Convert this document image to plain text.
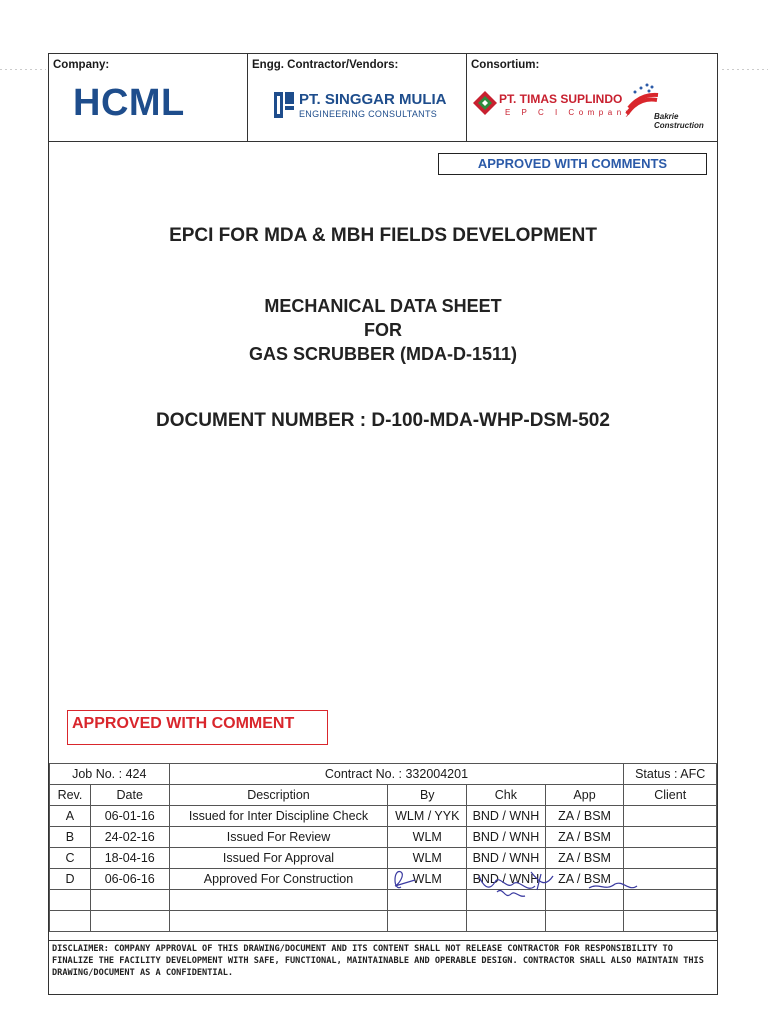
Company:
HCML
Engg. Contractor/Vendors:
PT. SINGGAR MULIA
ENGINEERING CONSULTANTS
Consortium:
PT. TIMAS SUPLINDO
E P C I Company Bakrie
Construction
APPROVED WITH COMMENTS
EPCI FOR MDA & MBH FIELDS DEVELOPMENT
MECHANICAL DATA SHEET
FOR
GAS SCRUBBER (MDA-D-1511)
DOCUMENT NUMBER : D-100-MDA-WHP-DSM-502
APPROVED WITH COMMENT
Job No. : 424		Contract No. : 332004201				Status : AFC
Rev.	Date	Description	By	Chk	App	Client
A	06-01-16	Issued for Inter Discipline Check	WLM / YYK	BND / WNH	ZA / BSM	
B	24-02-16	Issued For Review	WLM	BND / WNH	ZA / BSM	
C	18-04-16	Issued For Approval	WLM	BND / WNH	ZA / BSM	
D	06-06-16	Approved For Construction	WLM	BND / WNH	ZA / BSM	

DISCLAIMER: COMPANY APPROVAL OF THIS DRAWING/DOCUMENT AND ITS CONTENT SHALL NOT RELEASE CONTRACTOR FOR RESPONSIBILITY TO FINALIZE THE FACILITY DEVELOPMENT WITH SAFE, FUNCTIONAL, MAINTAINABLE AND OPERABLE DESIGN. CONTRACTOR SHALL ALSO MAINTAIN THIS DRAWING/DOCUMENT AS A CONFIDENTIAL.
